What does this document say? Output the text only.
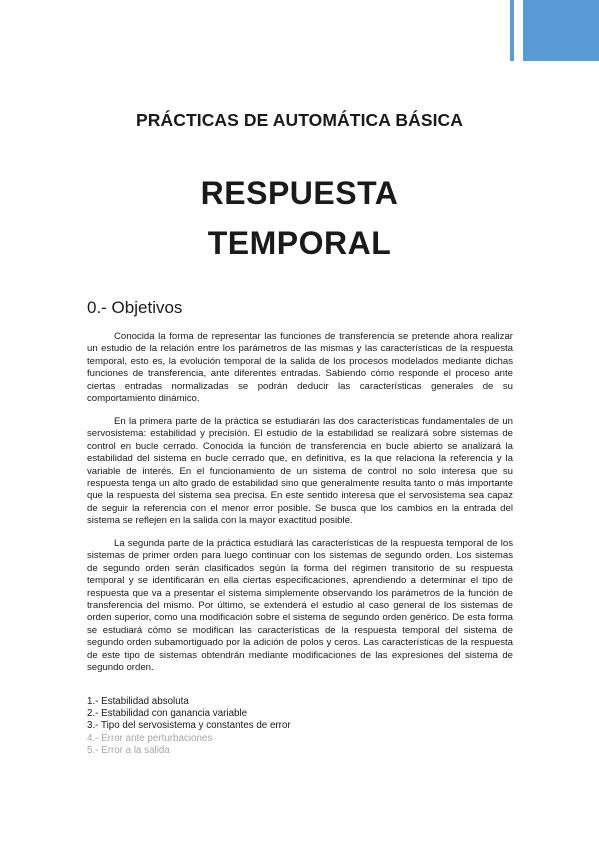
PRÁCTICAS DE AUTOMÁTICA BÁSICA
RESPUESTA
TEMPORAL
0.- Objetivos

Conocida la forma de representar las funciones de transferencia se pretende ahora realizar un estudio de la relación entre los parámetros de las mismas y las características de la respuesta temporal, esto es, la evolución temporal de la salida de los procesos modelados mediante dichas funciones de transferencia, ante diferentes entradas. Sabiendo cómo responde el proceso ante ciertas entradas normalizadas se podrán deducir las características generales de su comportamiento dinámico.

En la primera parte de la práctica se estudiarán las dos características fundamentales de un servosistema: estabilidad y precisión. El estudio de la estabilidad se realizará sobre sistemas de control en bucle cerrado. Conocida la función de transferencia en bucle abierto se analizará la estabilidad del sistema en bucle cerrado que, en definitiva, es la que relaciona la referencia y la variable de interés. En el funcionamiento de un sistema de control no solo interesa que su respuesta tenga un alto grado de estabilidad sino que generalmente resulta tanto o más importante que la respuesta del sistema sea precisa. En este sentido interesa que el servosistema sea capaz de seguir la referencia con el menor error posible. Se busca que los cambios en la entrada del sistema se reflejen en la salida con la mayor exactitud posible.

La segunda parte de la práctica estudiará las características de la respuesta temporal de los sistemas de primer orden para luego continuar con los sistemas de segundo orden. Los sistemas de segundo orden serán clasificados según la forma del régimen transitorio de su respuesta temporal y se identificarán en ella ciertas especificaciones, aprendiendo a determinar el tipo de respuesta que va a presentar el sistema simplemente observando los parámetros de la función de transferencia del mismo. Por último, se extenderá el estudio al caso general de los sistemas de orden superior, como una modificación sobre el sistema de segundo orden genérico. De esta forma se estudiará cómo se modifican las características de la respuesta temporal del sistema de segundo orden subamortiguado por la adición de polos y ceros. Las características de la respuesta de este tipo de sistemas obtendrán mediante modificaciones de las expresiones del sistema de segundo orden.

1.- Estabilidad absoluta
2.- Estabilidad con ganancia variable
3.- Tipo del servosistema y constantes de error
4.- Error ante perturbaciones
5.- Error a la salida
